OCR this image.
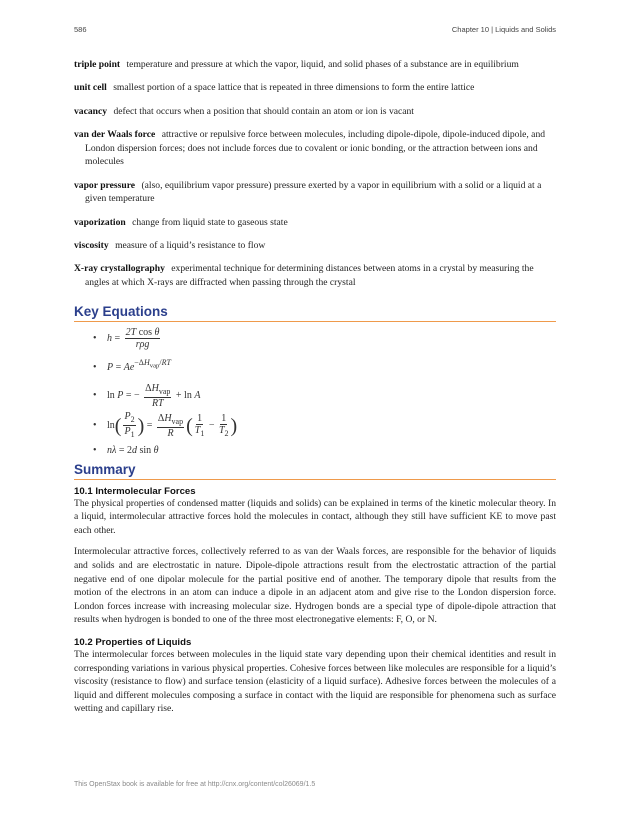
586	Chapter 10 | Liquids and Solids

triple point temperature and pressure at which the vapor, liquid, and solid phases of a substance are in equilibrium

unit cell smallest portion of a space lattice that is repeated in three dimensions to form the entire lattice

vacancy defect that occurs when a position that should contain an atom or ion is vacant

van der Waals force attractive or repulsive force between molecules, including dipole-dipole, dipole-induced dipole, and London dispersion forces; does not include forces due to covalent or ionic bonding, or the attraction between ions and molecules

vapor pressure (also, equilibrium vapor pressure) pressure exerted by a vapor in equilibrium with a solid or a liquid at a given temperature

vaporization change from liquid state to gaseous state

viscosity measure of a liquid’s resistance to flow

X-ray crystallography experimental technique for determining distances between atoms in a crystal by measuring the angles at which X-rays are diffracted when passing through the crystal

Key Equations
• $h = \frac{\text{2T cos θ}}{\text{rρg}}$
• $P = Ae^{-\Delta H_{vap}/RT}$
• ln P = − $\frac{\Delta H_{vap}}{RT} + \ln A$
• ln ( $\frac{P_2}{P_1}$ ) = $\frac{\Delta H_{vap}}{R}$ ( $\frac{1}{T_1} - \frac{1}{T_2}$ )
• nλ = 2 d sin θ
Summary
10.1 Intermolecular Forces

The physical properties of condensed matter (liquids and solids) can be explained in terms of the kinetic molecular theory. In a liquid, intermolecular attractive forces hold the molecules in contact, although they still have sufficient KE to move past each other.

Intermolecular attractive forces, collectively referred to as van der Waals forces, are responsible for the behavior of liquids and solids and are electrostatic in nature. Dipole-dipole attractions result from the electrostatic attraction of the partial negative end of one dipolar molecule for the partial positive end of another. The temporary dipole that results from the motion of the electrons in an atom can induce a dipole in an adjacent atom and give rise to the London dispersion force. London forces increase with increasing molecular size. Hydrogen bonds are a special type of dipole-dipole attraction that results when hydrogen is bonded to one of the three most electronegative elements: F, O, or N.

10.2 Properties of Liquids

The intermolecular forces between molecules in the liquid state vary depending upon their chemical identities and result in corresponding variations in various physical properties. Cohesive forces between like molecules are responsible for a liquid’s viscosity (resistance to flow) and surface tension (elasticity of a liquid surface). Adhesive forces between the molecules of a liquid and different molecules composing a surface in contact with the liquid are responsible for phenomena such as surface wetting and capillary rise.

This OpenStax book is available for free at http://cnx.org/content/col26069/1.5
